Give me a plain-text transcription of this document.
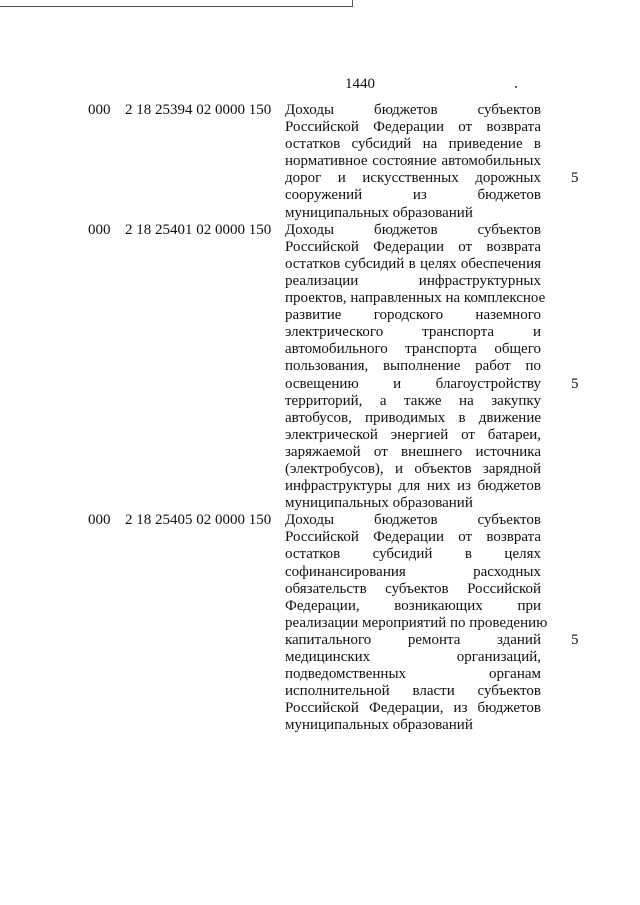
1440
000 2 18 25394 02 0000 150 Доходы бюджетов субъектов
Российской Федерации от возврата
остатков субсидий на приведение в
нормативное состояние автомобильных
дорог и искусственных дорожных
сооружений из бюджетов
муниципальных образований
5
000 2 18 25401 02 0000 150 Доходы бюджетов субъектов
Российской Федерации от возврата
остатков субсидий в целях обеспечения
реализации инфраструктурных
проектов, направленных на комплексное
развитие городского наземного
электрического транспорта и
автомобильного транспорта общего
пользования, выполнение работ по
освещению и благоустройству
территорий, а также на закупку
автобусов, приводимых в движение
электрической энергией от батареи,
заряжаемой от внешнего источника
(электробусов), и объектов зарядной
инфраструктуры для них из бюджетов
муниципальных образований
5
000 2 18 25405 02 0000 150 Доходы бюджетов субъектов
Российской Федерации от возврата
остатков субсидий в целях
софинансирования расходных
обязательств субъектов Российской
Федерации, возникающих при
реализации мероприятий по проведению
капитального ремонта зданий
медицинских организаций,
подведомственных органам
исполнительной власти субъектов
Российской Федерации, из бюджетов
муниципальных образований
5
